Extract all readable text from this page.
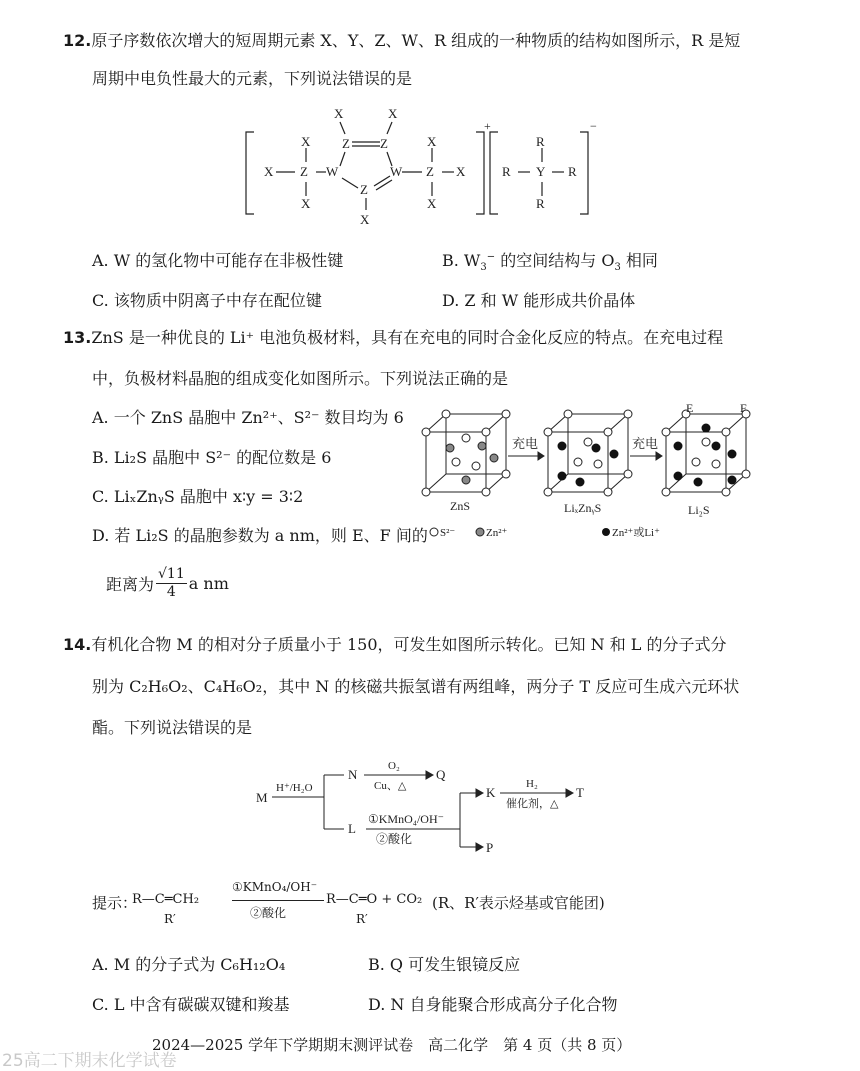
12.原子序数依次增大的短周期元素 X、Y、Z、W、R 组成的一种物质的结构如图所示，R 是短
周期中电负性最大的元素，下列说法错误的是
X Z
X
X
W
Z Z
X	X
Z
X
W Z
X
X
X
+
R Y
R
R
R
−
A. W 的氢化物中可能存在非极性键	B. $W_3^-$ 的空间结构与 $O_3$ 相同
C. 该物质中阴离子中存在配位键	D. Z 和 W 能形成共价晶体
13.ZnS 是一种优良的 Li⁺ 电池负极材料，具有在充电的同时合金化反应的特点。在充电过程
中，负极材料晶胞的组成变化如图所示。下列说法正确的是
A. 一个 ZnS 晶胞中 Zn²⁺、S²⁻ 数目均为 6
B. Li₂S 晶胞中 S²⁻ 的配位数是 6
C. LiₓZnᵧS 晶胞中 x∶y = 3∶2
D. 若 Li₂S 的晶胞参数为 a nm，则 E、F 间的
距离为
√11
4 a nm
充电	充电
E	F
ZnS	LiₓZnᵧS	Li₂S
S²⁻	Zn²⁺	Zn²⁺或Li⁺
14.有机化合物 M 的相对分子质量小于 150，可发生如图所示转化。已知 N 和 L 的分子式分
别为 C₂H₆O₂、C₄H₆O₂，其中 N 的核磁共振氢谱有两组峰，两分子 T 反应可生成六元环状
酯。下列说法错误的是
M
H⁺/H₂O
N
O₂
Cu、△
Q
L
①KMnO₄/OH⁻
②酸化
K
H₂
催化剂，△
T
P
提示：
R—C═CH₂
R′
①KMnO₄/OH⁻
②酸化
R—C═O + CO₂
R′
(R、R′表示烃基或官能团)
A. M 的分子式为 C₆H₁₂O₄	B. Q 可发生银镜反应
C. L 中含有碳碳双键和羧基	D. N 自身能聚合形成高分子化合物
2024—2025 学年下学期期末测评试卷　高二化学　第 4 页（共 8 页）
25高二下期末化学试卷
